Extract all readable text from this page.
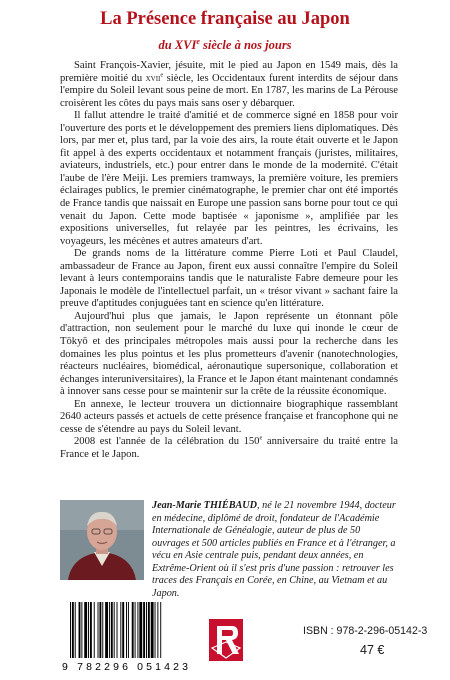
La Présence française au Japon
du XVIe siècle à nos jours

Saint François-Xavier, jésuite, mit le pied au Japon en 1549 mais, dès la première moitié du xvii$^e$ siècle, les Occidentaux furent interdits de séjour dans l'empire du Soleil levant sous peine de mort. En 1787, les marins de La Pérouse croisèrent les côtes du pays mais sans oser y débarquer.

Il fallut attendre le traité d'amitié et de commerce signé en 1858 pour voir l'ouverture des ports et le développement des premiers liens diplomatiques. Dès lors, par mer et, plus tard, par la voie des airs, la route était ouverte et le Japon fit appel à des experts occidentaux et notamment français (juristes, militaires, aviateurs, industriels, etc.) pour entrer dans le monde de la modernité. C'était l'aube de l'ère Meiji. Les premiers tramways, la première voiture, les premiers éclairages publics, le premier cinématographe, le premier char ont été importés de France tandis que naissait en Europe une passion sans borne pour tout ce qui venait du Japon. Cette mode baptisée « japonisme », amplifiée par les expositions universelles, fut relayée par les peintres, les écrivains, les voyageurs, les mécènes et autres amateurs d'art.

De grands noms de la littérature comme Pierre Loti et Paul Claudel, ambassadeur de France au Japon, firent eux aussi connaître l'empire du Soleil levant à leurs contemporains tandis que le naturaliste Fabre demeure pour les Japonais le modèle de l'intellectuel parfait, un « trésor vivant » sachant faire la preuve d'aptitudes conjuguées tant en science qu'en littérature.

Aujourd'hui plus que jamais, le Japon représente un étonnant pôle d'attraction, non seulement pour le marché du luxe qui inonde le cœur de Tōkyō et des principales métropoles mais aussi pour la recherche dans les domaines les plus pointus et les plus prometteurs d'avenir (nanotechnologies, réacteurs nucléaires, biomédical, aéronautique supersonique, collaboration et échanges interuniversitaires), la France et le Japon étant maintenant condamnés à innover sans cesse pour se maintenir sur la crête de la réussite économique.

En annexe, le lecteur trouvera un dictionnaire biographique rassemblant 2640 acteurs passés et actuels de cette présence française et francophone qui ne cesse de s'étendre au pays du Soleil levant.

2008 est l'année de la célébration du 150e anniversaire du traité entre la France et le Japon.

Jean-Marie THIÉBAUD, né le 21 novembre 1944, docteur en médecine, diplômé de droit, fondateur de l'Académie Internationale de Généalogie, auteur de plus de 50 ouvrages et 500 articles publiés en France et à l'étranger, a vécu en Asie centrale puis, pendant deux années, en Extrême-Orient où il s'est pris d'une passion : retrouver les traces des Français en Corée, en Chine, au Vietnam et au Japon.
9 782296 051423
ISBN : 978-2-296-05142-3
47 €
